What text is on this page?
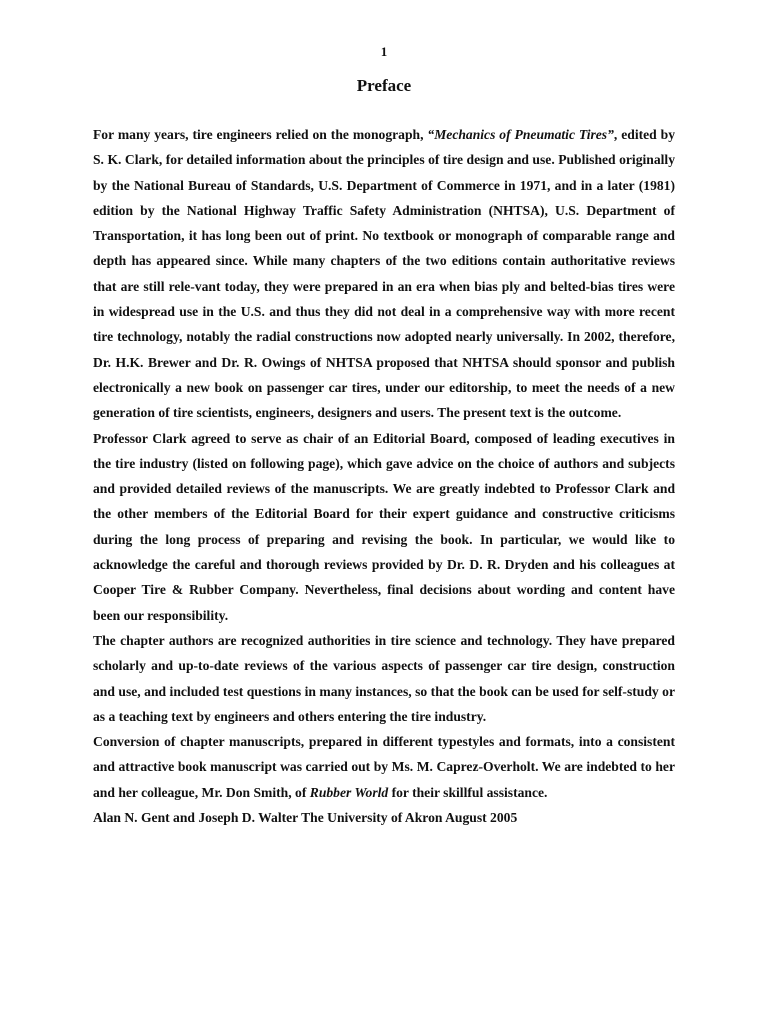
1
Preface

For many years, tire engineers relied on the monograph, “Mechanics of Pneumatic Tires”, edited by S. K. Clark, for detailed information about the principles of tire design and use. Published originally by the National Bureau of Standards, U.S. Department of Commerce in 1971, and in a later (1981) edition by the National Highway Traffic Safety Administration (NHTSA), U.S. Department of Transportation, it has long been out of print. No textbook or monograph of comparable range and depth has appeared since. While many chapters of the two editions contain authoritative reviews that are still rele-vant today, they were prepared in an era when bias ply and belted-bias tires were in widespread use in the U.S. and thus they did not deal in a comprehensive way with more recent tire technology, notably the radial constructions now adopted nearly universally. In 2002, therefore, Dr. H.K. Brewer and Dr. R. Owings of NHTSA proposed that NHTSA should sponsor and publish electronically a new book on passenger car tires, under our editorship, to meet the needs of a new generation of tire scientists, engineers, designers and users. The present text is the outcome.

Professor Clark agreed to serve as chair of an Editorial Board, composed of leading executives in the tire industry (listed on following page), which gave advice on the choice of authors and subjects and provided detailed reviews of the manuscripts. We are greatly indebted to Professor Clark and the other members of the Editorial Board for their expert guidance and constructive criticisms during the long process of preparing and revising the book. In particular, we would like to acknowledge the careful and thorough reviews provided by Dr. D. R. Dryden and his colleagues at Cooper Tire & Rubber Company. Nevertheless, final decisions about wording and content have been our responsibility.

The chapter authors are recognized authorities in tire science and technology. They have prepared scholarly and up-to-date reviews of the various aspects of passenger car tire design, construction and use, and included test questions in many instances, so that the book can be used for self-study or as a teaching text by engineers and others entering the tire industry.

Conversion of chapter manuscripts, prepared in different typestyles and formats, into a consistent and attractive book manuscript was carried out by Ms. M. Caprez-Overholt. We are indebted to her and her colleague, Mr. Don Smith, of Rubber World for their skillful assistance.

Alan N. Gent and Joseph D. Walter The University of Akron August 2005
